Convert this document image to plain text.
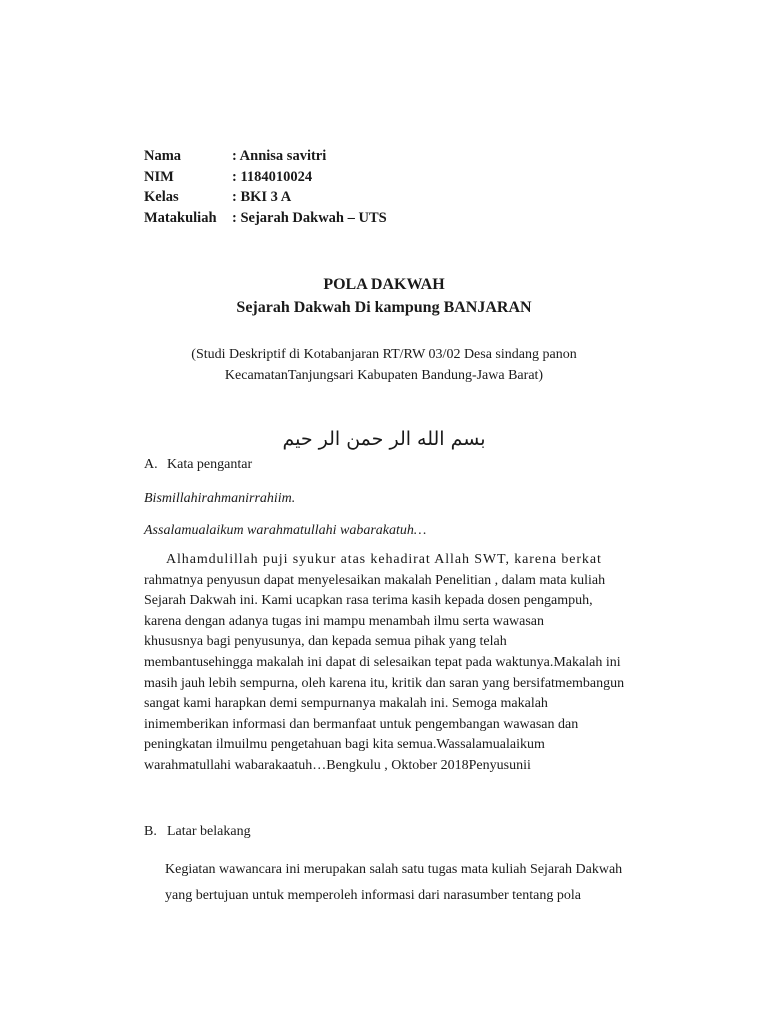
Nama	: Annisa savitri
NIM	: 1184010024
Kelas	: BKI 3 A
Matakuliah	: Sejarah Dakwah – UTS
POLA DAKWAH
Sejarah Dakwah Di kampung BANJARAN
(Studi Deskriptif di Kotabanjaran RT/RW 03/02 Desa sindang panon
KecamatanTanjungsari Kabupaten Bandung-Jawa Barat)
بسم الله الر حمن الر حيم
A. Kata pengantar
Bismillahirahmanirrahiim.
Assalamualaikum warahmatullahi wabarakatuh…
Alhamdulillah puji syukur atas kehadirat Allah SWT, karena berkat
rahmatnya penyusun dapat menyelesaikan makalah Penelitian , dalam mata kuliah
Sejarah Dakwah ini. Kami ucapkan rasa terima kasih kepada dosen pengampuh,
karena dengan adanya tugas ini mampu menambah ilmu serta wawasan
khususnya bagi penyusunya, dan kepada semua pihak yang telah
membantusehingga makalah ini dapat di selesaikan tepat pada waktunya.Makalah ini
masih jauh lebih sempurna, oleh karena itu, kritik dan saran yang bersifatmembangun
sangat kami harapkan demi sempurnanya makalah ini. Semoga makalah
inimemberikan informasi dan bermanfaat untuk pengembangan wawasan dan
peningkatan ilmuilmu pengetahuan bagi kita semua.Wassalamualaikum
warahmatullahi wabarakaatuh…Bengkulu , Oktober 2018Penyusunii
B. Latar belakang
Kegiatan wawancara ini merupakan salah satu tugas mata kuliah Sejarah Dakwah
yang bertujuan untuk memperoleh informasi dari narasumber tentang pola
